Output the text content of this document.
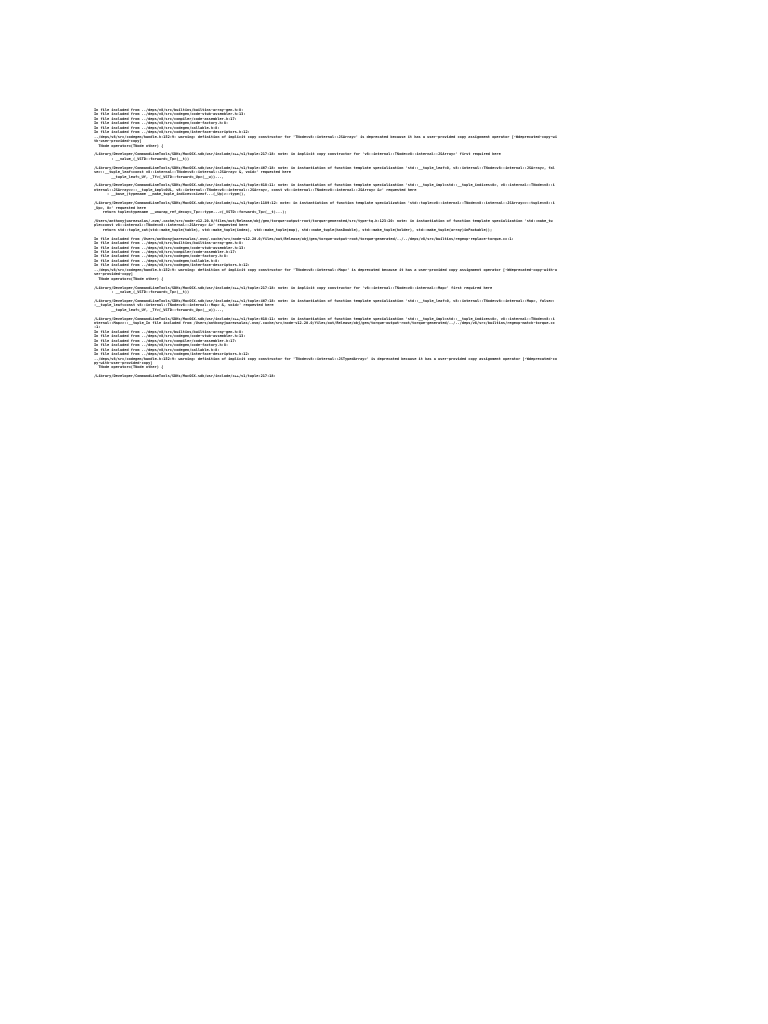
In file included from ../deps/v8/src/builtins/builtins-array-gen.h:8:
In file included from ../deps/v8/src/codegen/code-stub-assembler.h:13:
In file included from ../deps/v8/src/compiler/code-assembler.h:17:
In file included from ../deps/v8/src/codegen/code-factory.h:8:
In file included from ../deps/v8/src/codegen/callable.h:8:
In file included from ../deps/v8/src/codegen/interface-descriptors.h:12:
../deps/v8/src/codegen/handle.h:152:9: warning: definition of implicit copy constructor for 'TNode<v8::internal::JSArray>' is deprecated because it has a user-provided copy assignment operator [-Wdeprecated-copy-wi
th-user-provided-copy]
TNode operator=(TNode other) {
/Library/Developer/CommandLineTools/SDKs/MacOSX.sdk/usr/include/c++/v1/tuple:217:18: note: in implicit copy constructor for 'v8::internal::TNode<v8::internal::JSArray>' first required here
: __value_(_VSTD::forward<_Tp>(__t))
/Library/Developer/CommandLineTools/SDKs/MacOSX.sdk/usr/include/c++/v1/tuple:467:18: note: in instantiation of function template specialization 'std::__tuple_leaf<0, v8::internal::TNode<v8::internal::JSArray>, fal
se>::__tuple_leaf<const v8::internal::TNode<v8::internal::JSArray> &, void>' requested here
__tuple_leaf<_Uf, _Tf>(_VSTD::forward<_Up>(__u))...,
/Library/Developer/CommandLineTools/SDKs/MacOSX.sdk/usr/include/c++/v1/tuple:618:11: note: in instantiation of function template specialization 'std::__tuple_impl<std::__tuple_indices<0>, v8::internal::TNode<v8::i
nternal::JSArray>>::__tuple_impl<0UL, v8::internal::TNode<v8::internal::JSArray>, const v8::internal::TNode<v8::internal::JSArray> &>' requested here
: __base_(typename __make_tuple_indices<sizeof...(_Up)>::type(),
/Library/Developer/CommandLineTools/SDKs/MacOSX.sdk/usr/include/c++/v1/tuple:1189:12: note: in instantiation of function template specialization 'std::tuple<v8::internal::TNode<v8::internal::JSArray>>::tuple<v8::i
_Up>, 0>' requested here
return tuple<typename __unwrap_ref_decay<_Tp>::type...>(_VSTD::forward<_Tp>(__t)...);
/Users/anthonyjuarezsalas/.nvm/.cache/src/node-v12.20.0/files/out/Release/obj/gen/torque-output-root/torque-generated/src/type-tq.h:123:20: note: in instantiation of function template specialization 'std::make_tu
ple<const v8::internal::TNode<v8::internal::JSArray> &>' requested here
return std::tuple_cat(std::make_tuple(table), std::make_tuple(index), std::make_tuple(map), std::make_tuple(hasDouble), std::make_tuple(holder), std::make_tuple(array)inPackable));
In file included from /Users/anthonyjuarezsalas/.nvm/.cache/src/node-v12.20.0/files/out/Release/obj/gen/torque-output-root/torque-generated/../../deps/v8/src/builtins/regexp-replace-torque.cc:1:
In file included from ../deps/v8/src/builtins/builtins-array-gen.h:8:
In file included from ../deps/v8/src/codegen/code-stub-assembler.h:13:
In file included from ../deps/v8/src/compiler/code-assembler.h:17:
In file included from ../deps/v8/src/codegen/code-factory.h:8:
In file included from ../deps/v8/src/codegen/callable.h:8:
In file included from ../deps/v8/src/codegen/interface-descriptors.h:12:
../deps/v8/src/codegen/handle.h:152:9: warning: definition of implicit copy constructor for 'TNode<v8::internal::Map>' is deprecated because it has a user-provided copy assignment operator [-Wdeprecated-copy-with-u
ser-provided-copy]
TNode operator=(TNode other) {
/Library/Developer/CommandLineTools/SDKs/MacOSX.sdk/usr/include/c++/v1/tuple:217:18: note: in implicit copy constructor for 'v8::internal::TNode<v8::internal::Map>' first required here
: __value_(_VSTD::forward<_Tp>(__t))
/Library/Developer/CommandLineTools/SDKs/MacOSX.sdk/usr/include/c++/v1/tuple:467:18: note: in instantiation of function template specialization 'std::__tuple_leaf<0, v8::internal::TNode<v8::internal::Map>, false>:
:__tuple_leaf<const v8::internal::TNode<v8::internal::Map> &, void>' requested here
__tuple_leaf<_Uf, _Tf>(_VSTD::forward<_Up>(__u))...,
/Library/Developer/CommandLineTools/SDKs/MacOSX.sdk/usr/include/c++/v1/tuple:618:11: note: in instantiation of function template specialization 'std::__tuple_impl<std::__tuple_indices<0>, v8::internal::TNode<v8::i
nternal::Map>>::__tuple_In file included from /Users/anthonyjuarezsalas/.nvm/.cache/src/node-v12.20.0/files/out/Release/obj/gen/torque-output-root/torque-generated/../../deps/v8/src/builtins/regexp-match-torque.cc
:1:
In file included from ../deps/v8/src/builtins/builtins-array-gen.h:8:
In file included from ../deps/v8/src/codegen/code-stub-assembler.h:13:
In file included from ../deps/v8/src/compiler/code-assembler.h:17:
In file included from ../deps/v8/src/codegen/code-factory.h:8:
In file included from ../deps/v8/src/codegen/callable.h:8:
In file included from ../deps/v8/src/codegen/interface-descriptors.h:12:
../deps/v8/src/codegen/handle.h:152:9: warning: definition of implicit copy constructor for 'TNode<v8::internal::JSTypedArray>' is deprecated because it has a user-provided copy assignment operator [-Wdeprecated-co
py-with-user-provided-copy]
TNode operator=(TNode other) {
/Library/Developer/CommandLineTools/SDKs/MacOSX.sdk/usr/include/c++/v1/tuple:217:18:
